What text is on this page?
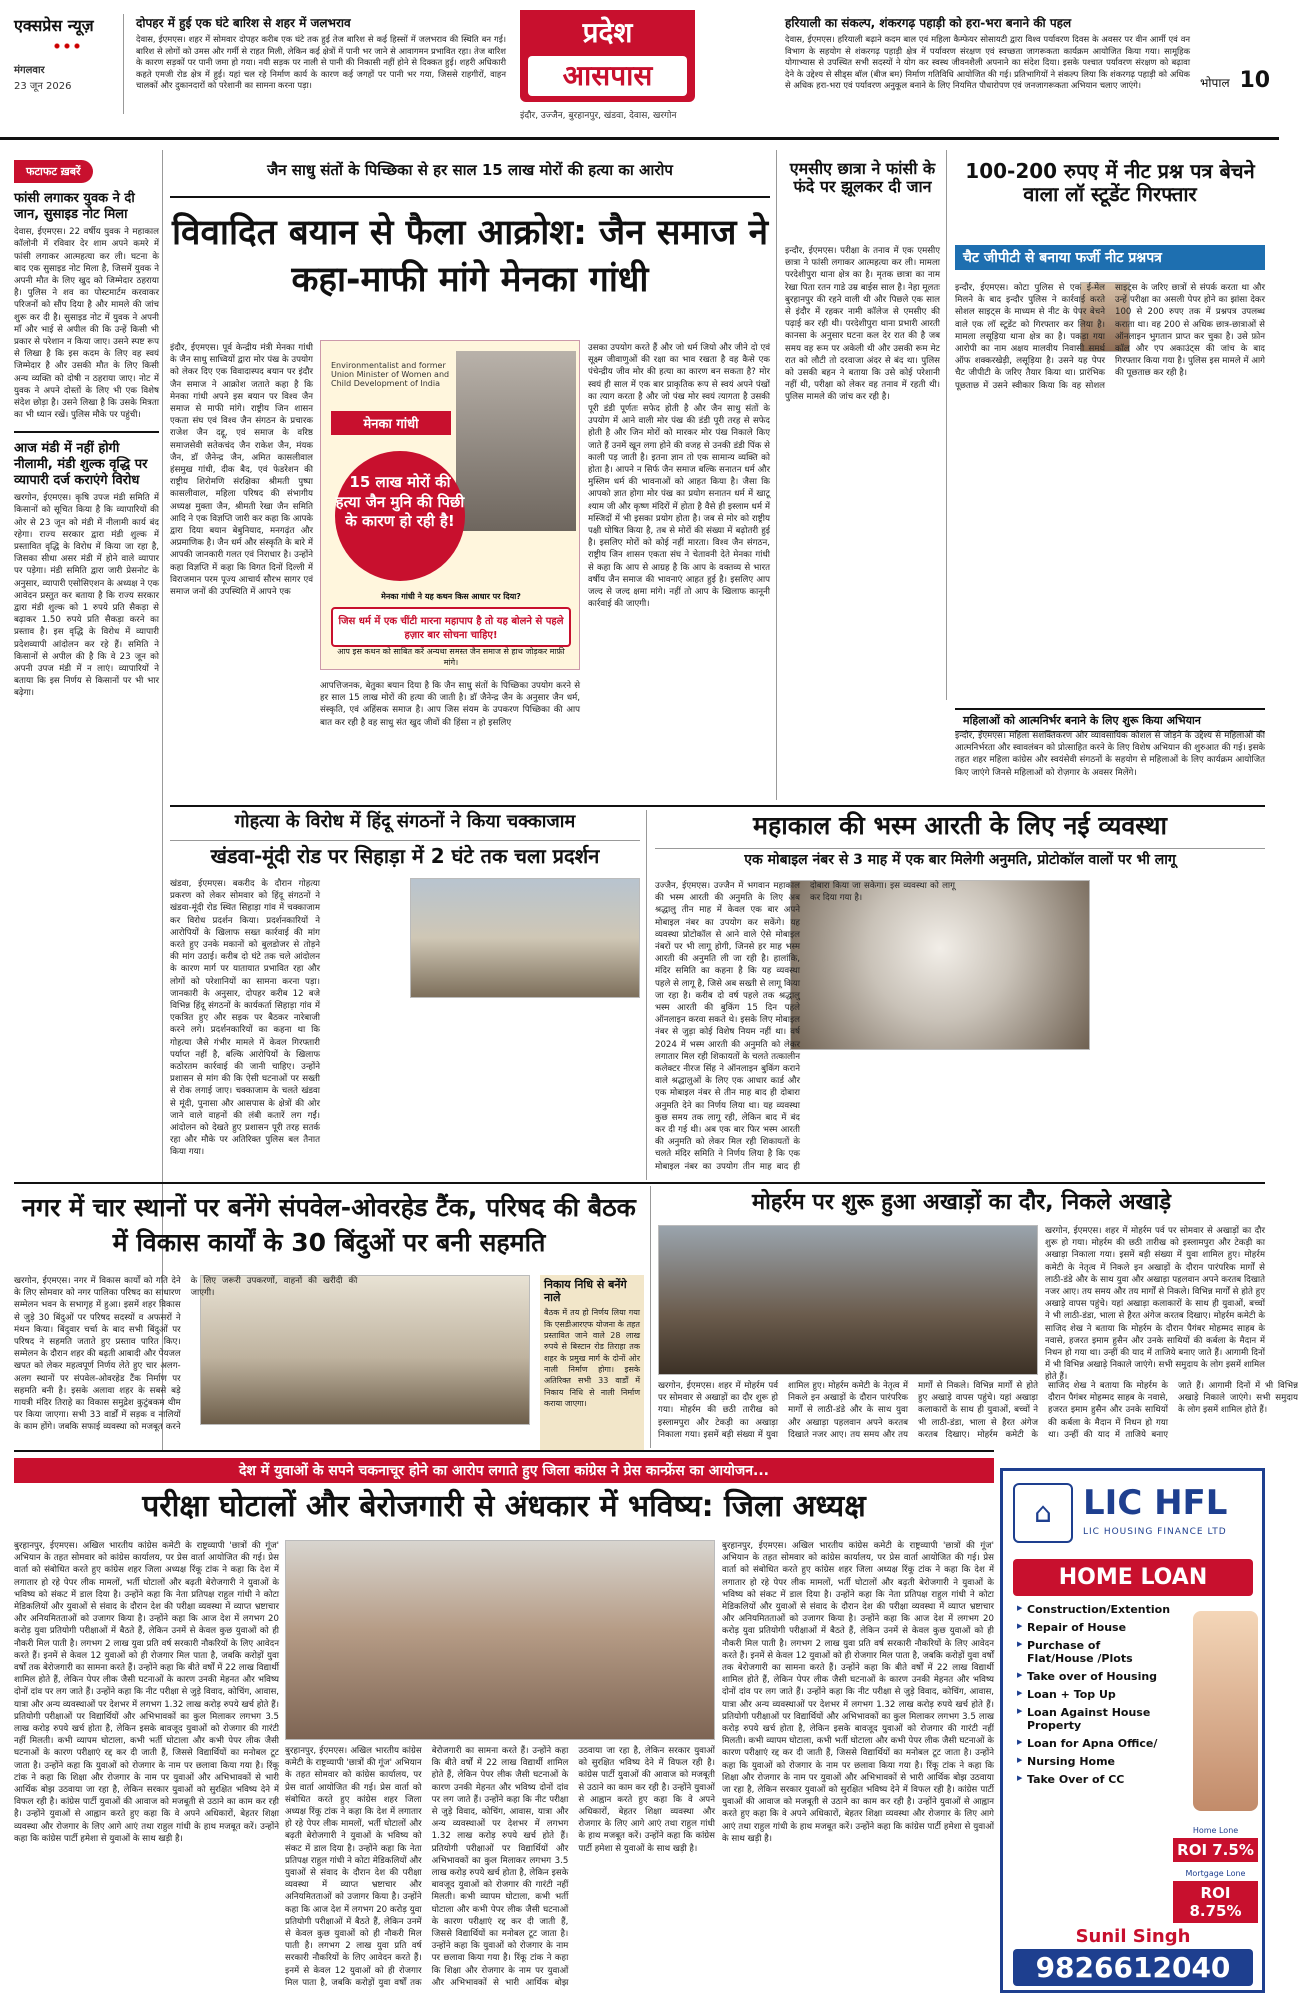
एक्सप्रेस न्यूज़
मंगलवार
23 जून 2026
दोपहर में हुई एक घंटे बारिश से शहर में जलभराव
देवास, ईएमएस। शहर में सोमवार दोपहर करीब एक घंटे तक हुई तेज बारिश से कई हिस्सों में जलभराव की स्थिति बन गई। बारिश से लोगों को उमस और गर्मी से राहत मिली, लेकिन कई क्षेत्रों में पानी भर जाने से आवागमन प्रभावित रहा। तेज बारिश के कारण सड़कों पर पानी जमा हो गया। नयी सड़क पर नाली से पानी की निकासी नहीं होने से दिक्कत हुई। शहरी अधिकारी कहते एमजी रोड क्षेत्र में हुई। यहां चल रहे निर्माण कार्य के कारण कई जगहों पर पानी भर गया, जिससे राहगीरों, वाहन चालकों और दुकानदारों को परेशानी का सामना करना पड़ा।
प्रदेश
आसपास
इंदौर, उज्जैन, बुरहानपुर, खंडवा, देवास, खरगोन
हरियाली का संकल्प, शंकरगढ़ पहाड़ी को हरा-भरा बनाने की पहल
देवास, ईएमएस। हरियाली बढ़ाने कदम बाल एवं महिला कैम्फेयर सोसायटी द्वारा विश्व पर्यावरण दिवस के अवसर पर वीन आर्मी एवं वन विभाग के सहयोग से शंकरगढ़ पहाड़ी क्षेत्र में पर्यावरण संरक्षण एवं स्वच्छता जागरूकता कार्यक्रम आयोजित किया गया। सामूहिक योगाभ्यास से उपस्थित सभी सदस्यों ने योग कर स्वस्थ जीवनशैली अपनाने का संदेश दिया। इसके पश्चात पर्यावरण संरक्षण को बढ़ावा देने के उद्देश्य से सीड्स बॉल (बीज बम) निर्माण गतिविधि आयोजित की गई। प्रतिभागियों ने संकल्प लिया कि शंकरगढ़ पहाड़ी को अधिक से अधिक हरा-भरा एवं पर्यावरण अनुकूल बनाने के लिए नियमित पौधारोपण एवं जनजागरूकता अभियान चलाए जाएंगे।	भोपाल 10
फटाफट ख़बरें
फांसी लगाकर युवक ने दी जान, सुसाइड नोट मिला
देवास, ईएमएस। 22 वर्षीय युवक ने महाकाल कॉलोनी में रविवार देर शाम अपने कमरे में फांसी लगाकर आत्महत्या कर ली। घटना के बाद एक सुसाइड नोट मिला है, जिसमें युवक ने अपनी मौत के लिए खुद को जिम्मेदार ठहराया है। पुलिस ने शव का पोस्टमार्टम करवाकर परिजनों को सौंप दिया है और मामले की जांच शुरू कर दी है। सुसाइड नोट में युवक ने अपनी माँ और भाई से अपील की कि उन्हें किसी भी प्रकार से परेशान न किया जाए। उसने स्पष्ट रूप से लिखा है कि इस कदम के लिए वह स्वयं जिम्मेदार है और उसकी मौत के लिए किसी अन्य व्यक्ति को दोषी न ठहराया जाए। नोट में युवक ने अपने दोस्तों के लिए भी एक विशेष संदेश छोड़ा है। उसने लिखा है कि उसके मित्रता का भी ध्यान रखें। पुलिस मौके पर पहुंची।
आज मंडी में नहीं होगी नीलामी, मंडी शुल्क वृद्धि पर व्यापारी दर्ज कराएंगे विरोध
खरगोन, ईएमएस। कृषि उपज मंडी समिति में किसानों को सूचित किया है कि व्यापारियों की ओर से 23 जून को मंडी में नीलामी कार्य बंद रहेगा। राज्य सरकार द्वारा मंडी शुल्क में प्रस्तावित वृद्धि के विरोध में किया जा रहा है, जिसका सीधा असर मंडी में होने वाले व्यापार पर पड़ेगा। मंडी समिति द्वारा जारी प्रेसनोट के अनुसार, व्यापारी एसोसिएशन के अध्यक्ष ने एक आवेदन प्रस्तुत कर बताया है कि राज्य सरकार द्वारा मंडी शुल्क को 1 रुपये प्रति सैकड़ा से बढ़ाकर 1.50 रुपये प्रति सैकड़ा करने का प्रस्ताव है। इस वृद्धि के विरोध में व्यापारी प्रदेशव्यापी आंदोलन कर रहे हैं। समिति ने किसानों से अपील की है कि वे 23 जून को अपनी उपज मंडी में न लाएं। व्यापारियों ने बताया कि इस निर्णय से किसानों पर भी भार बढ़ेगा।
जैन साधु संतों के पिच्छिका से हर साल 15 लाख मोरों की हत्या का आरोप
विवादित बयान से फैला आक्रोश: जैन समाज ने कहा-माफी मांगे मेनका गांधी
इंदौर, ईएमएस। पूर्व केन्द्रीय मंत्री मेनका गांधी के जैन साधु साध्वियों द्वारा मोर पंख के उपयोग को लेकर दिए एक विवादास्पद बयान पर इंदौर जैन समाज ने आक्रोश जताते कहा है कि मेनका गांधी अपने इस बयान पर विश्व जैन समाज से माफी मांगे। राष्ट्रीय जिन शासन एकता संघ एवं विश्व जैन संगठन के प्रचारक राजेश जैन दद्दू, एवं समाज के वरिष्ठ समाजसेवी सतेकचंद जैन राकेश जैन, मंयक जैन, डॉ जैनेन्द्र जैन, अमित कासलीवाल हंसमुख गांधी, दीक बैद, एवं फेडरेशन की राष्ट्रीय शिरोमणि संरक्षिका श्रीमती पुष्पा कासलीवाल, महिला परिषद की संभागीय अध्यक्ष मुक्ता जैन, श्रीमती रेखा जैन समिति आदि ने एक विज्ञप्ति जारी कर कहा कि आपके द्वारा दिया बयान बेबुनियाद, मनगढ़ंत और अप्रमाणिक है। जैन धर्म और संस्कृति के बारे में आपकी जानकारी गलत एवं निराधार है। उन्होंने कहा विज्ञप्ति में कहा कि विगत दिनों दिल्ली में विराजमान परम पूज्य आचार्य सौरभ सागर एवं समाज जनों की उपस्थिति में आपने एक
आपत्तिजनक, बेतुका बयान दिया है कि जैन साधु संतों के पिच्छिका उपयोग करने से हर साल 15 लाख मोरों की हत्या की जाती है। डॉ जैनेन्द्र जैन के अनुसार जैन धर्म, संस्कृति, एवं अहिंसक समाज है। आप जिस संयम के उपकरण पिच्छिका की आप बात कर रही है वह साधु संत खुद जीवों की हिंसा न हो इसलिए
उसका उपयोग करते हैं और जो धर्म जियो और जीने दो एवं सूक्ष्म जीवाणुओं की रक्षा का भाव रखता है वह कैसे एक पंचेन्द्रीय जीव मोर की हत्या का कारण बन सकता है? मोर स्वयं ही साल में एक बार प्राकृतिक रूप से स्वयं अपने पंखों का त्याग करता है और जो पंख मोर स्वयं त्यागता है उसकी पूरी डंडी पूर्णतः सफेद होती है और जैन साधु संतों के उपयोग में आने वाली मोर पंख की डंडी पूरी तरह से सफेद होती है और जिन मोरों को मारकर मोर पंख निकाले किए जाते हैं उनमें खून लगा होने की वजह से उनकी डंडी पिंक से काली पड़ जाती है। इतना ज्ञान तो एक सामान्य व्यक्ति को होता है। आपने न सिर्फ जैन समाज बल्कि सनातन धर्म और मुस्लिम धर्म की भावनाओं को आहत किया है। जैसा कि आपको ज्ञात होगा मोर पंख का प्रयोग सनातन धर्म में खाटू श्याम जी और कृष्ण मंदिरों में होता है वैसे ही इस्लाम धर्म में मस्जिदों में भी इसका प्रयोग होता है। जब से मोर को राष्ट्रीय पक्षी घोषित किया है, तब से मोरों की संख्या में बढ़ोतरी हुई है। इसलिए मोरों को कोई नहीं मारता। विश्व जैन संगठन, राष्ट्रीय जिन शासन एकता संघ ने चेतावनी देते मेनका गांधी से कहा कि आप से आग्रह है कि आप के वक्तव्य से भारत वर्षीय जैन समाज की भावनाएं आहत हुई है। इसलिए आप जल्द से जल्द क्षमा मांगे। नहीं तो आप के खिलाफ कानूनी कार्रवाई की जाएगी।
Environmentalist and former Union Minister of Women and Child Development of India
मेनका गांधी
15 लाख मोरों की हत्या जैन मुनि की पिछी के कारण हो रही है!
मेनका गांधी ने यह कथन किस आधार पर दिया?
जिस धर्म में एक चींटी मारना महापाप है तो यह बोलने से पहले हज़ार बार सोचना चाहिए!
आप इस कथन को साबित करें अन्यथा समस्त जैन समाज से हाथ जोड़कर माफ़ी मांगे।
एमसीए छात्रा ने फांसी के फंदे पर झूलकर दी जान
इन्दौर, ईएमएस। परीक्षा के तनाव में एक एमसीए छात्रा ने फांसी लगाकर आत्महत्या कर ली। मामला परदेशीपुरा थाना क्षेत्र का है। मृतक छात्रा का नाम रेखा पिता रतन गाडे उम्र बाईस साल है। नेहा मूलतः बुरहानपुर की रहने वाली थी और पिछले एक साल से इंदौर में रहकर नामी कॉलेज से एमसीए की पढ़ाई कर रही थी। परदेशीपुरा थाना प्रभारी आरती कानसा के अनुसार घटना कल देर रात की है जब समय वह रूम पर अकेली थी और उसकी रूम मेट रात को लौटी तो दरवाजा अंदर से बंद था। पुलिस को उसकी बहन ने बताया कि उसे कोई परेशानी नहीं थी, परीक्षा को लेकर वह तनाव में रहती थी। पुलिस मामले की जांच कर रही है।
100-200 रुपए में नीट प्रश्न पत्र बेचने वाला लॉ स्टूडेंट गिरफ्तार
चैट जीपीटी से बनाया फर्जी नीट प्रश्नपत्र
इन्दौर, ईएमएस। कोटा पुलिस से एक ई-मेल मिलने के बाद इन्दौर पुलिस ने कार्रवाई करते सोशल साइट्स के माध्यम से नीट के पेपर बेचने वाले एक लॉ स्टूडेंट को गिरफ्तार कर लिया है। मामला लसूड़िया थाना क्षेत्र का है। पकड़ा गया आरोपी का नाम अक्षय मालवीय निवासी समर्थ ऑफ शक्करखेड़ी, लसूड़िया है। उसने यह पेपर चैट जीपीटी के जरिए तैयार किया था। प्रारंभिक पूछताछ में उसने स्वीकार किया कि वह सोशल साइट्स के जरिए छात्रों से संपर्क करता था और उन्हें परीक्षा का असली पेपर होने का झांसा देकर 100 से 200 रुपए तक में प्रश्नपत्र उपलब्ध कराता था। वह 200 से अधिक छात्र-छात्राओं से ऑनलाइन भुगतान प्राप्त कर चुका है। उसे फ़ोन कॉल और एप अकाउंट्स की जांच के बाद गिरफ्तार किया गया है। पुलिस इस मामले में आगे की पूछताछ कर रही है।
महिलाओं को आत्मनिर्भर बनाने के लिए शुरू किया अभियान
इन्दौर, ईएमएस। महिला सशक्तिकरण और व्यावसायिक कौशल से जोड़ने के उद्देश्य से महिलाओं की आत्मनिर्भरता और स्वावलंबन को प्रोत्साहित करने के लिए विशेष अभियान की शुरुआत की गई। इसके तहत शहर महिला कांग्रेस और स्वयंसेवी संगठनों के सहयोग से महिलाओं के लिए कार्यक्रम आयोजित किए जाएंगे जिनसे महिलाओं को रोज़गार के अवसर मिलेंगे।
गोहत्या के विरोध में हिंदू संगठनों ने किया चक्काजाम
खंडवा-मूंदी रोड पर सिहाड़ा में 2 घंटे तक चला प्रदर्शन
खंडवा, ईएमएस। बकरीद के दौरान गोहत्या प्रकरण को लेकर सोमवार को हिंदू संगठनों ने खंडवा-मूंदी रोड स्थित सिहाड़ा गांव में चक्काजाम कर विरोध प्रदर्शन किया। प्रदर्शनकारियों ने आरोपियों के खिलाफ सख्त कार्रवाई की मांग करते हुए उनके मकानों को बुलडोजर से तोड़ने की मांग उठाई। करीब दो घंटे तक चले आंदोलन के कारण मार्ग पर यातायात प्रभावित रहा और लोगों को परेशानियों का सामना करना पड़ा। जानकारी के अनुसार, दोपहर करीब 12 बजे विभिन्न हिंदू संगठनों के कार्यकर्ता सिहाड़ा गांव में एकत्रित हुए और सड़क पर बैठकर नारेबाजी करने लगे। प्रदर्शनकारियों का कहना था कि गोहत्या जैसे गंभीर मामले में केवल गिरफ्तारी पर्याप्त नहीं है, बल्कि आरोपियों के खिलाफ कठोरतम कार्रवाई की जानी चाहिए। उन्होंने प्रशासन से मांग की कि ऐसी घटनाओं पर सख्ती से रोक लगाई जाए। चक्काजाम के चलते खंडवा से मूंदी, पुनासा और आसपास के क्षेत्रों की ओर जाने वाले वाहनों की लंबी कतारें लग गईं। आंदोलन को देखते हुए प्रशासन पूरी तरह सतर्क रहा और मौके पर अतिरिक्त पुलिस बल तैनात किया गया।
महाकाल की भस्म आरती के लिए नई व्यवस्था
एक मोबाइल नंबर से 3 माह में एक बार मिलेगी अनुमति, प्रोटोकॉल वालों पर भी लागू
उज्जैन, ईएमएस। उज्जैन में भगवान महाकाल की भस्म आरती की अनुमति के लिए अब श्रद्धालु तीन माह में केवल एक बार अपने मोबाइल नंबर का उपयोग कर सकेंगे। यह व्यवस्था प्रोटोकॉल से आने वाले ऐसे मोबाइल नंबरों पर भी लागू होगी, जिनसे हर माह भस्म आरती की अनुमति ली जा रही है। हालांकि, मंदिर समिति का कहना है कि यह व्यवस्था पहले से लागू है, जिसे अब सख्ती से लागू किया जा रहा है। करीब दो वर्ष पहले तक श्रद्धालु भस्म आरती की बुकिंग 15 दिन पहले ऑनलाइन करवा सकते थे। इसके लिए मोबाइल नंबर से जुड़ा कोई विशेष नियम नहीं था। वर्ष 2024 में भस्म आरती की अनुमति को लेकर लगातार मिल रही शिकायतों के चलते तत्कालीन कलेक्टर नीरज सिंह ने ऑनलाइन बुकिंग कराने वाले श्रद्धालुओं के लिए एक आधार कार्ड और एक मोबाइल नंबर से तीन माह बाद ही दोबारा अनुमति देने का निर्णय लिया था। यह व्यवस्था कुछ समय तक लागू रही, लेकिन बाद में बंद कर दी गई थी। अब एक बार फिर भस्म आरती की अनुमति को लेकर मिल रही शिकायतों के चलते मंदिर समिति ने निर्णय लिया है कि एक मोबाइल नंबर का उपयोग तीन माह बाद ही दोबारा किया जा सकेगा। इस व्यवस्था को लागू कर दिया गया है।
नगर में चार स्थानों पर बनेंगे संपवेल-ओवरहेड टैंक, परिषद की बैठक में विकास कार्यों के 30 बिंदुओं पर बनी सहमति
खरगोन, ईएमएस। नगर में विकास कार्यों को गति देने के लिए सोमवार को नगर पालिका परिषद का साधारण सम्मेलन भवन के सभागृह में हुआ। इसमें शहर विकास से जुड़े 30 बिंदुओं पर परिषद सदस्यों व अफसरों ने मंथन किया। बिंदुवार चर्चा के बाद सभी बिंदुओं पर परिषद ने सहमति जताते हुए प्रस्ताव पारित किए। सम्मेलन के दौरान शहर की बढ़ती आबादी और पेयजल खपत को लेकर महत्वपूर्ण निर्णय लेते हुए चार अलग-अलग स्थानों पर संपवेल-ओवरहेड टैंक निर्माण पर सहमति बनी है। इसके अलावा शहर के सबसे बड़े गायत्री मंदिर तिराहे का विकास समुद्रेश कुटुंबकम थीम पर किया जाएगा। सभी 33 वार्डों में सड़क व नालियों के काम होंगे। जबकि सफाई व्यवस्था को मजबूत करने के लिए जरूरी उपकरणों, वाहनों की खरीदी की जाएगी।
निकाय निधि से बनेंगे नाले
बैठक में तय हो निर्णय लिया गया कि एसडीआरएफ योजना के तहत प्रस्तावित जाने वाले 28 लाख रुपये से बिस्टान रोड तिराहा तक शहर के प्रमुख मार्ग के दोनों ओर नाली निर्माण होगा। इसके अतिरिक्त सभी 33 वार्डों में निकाय निधि से नाली निर्माण कराया जाएगा।
मोहर्रम पर शुरू हुआ अखाड़ों का दौर, निकले अखाड़े
खरगोन, ईएमएस। शहर में मोहर्रम पर्व पर सोमवार से अखाड़ों का दौर शुरू हो गया। मोहर्रम की छठी तारीख को इस्लामपुरा और टेकड़ी का अखाड़ा निकाला गया। इसमें बड़ी संख्या में युवा शामिल हुए। मोहर्रम कमेटी के नेतृत्व में निकले इन अखाड़ों के दौरान पारंपरिक मार्गों से लाठी-डंडे और के साथ युवा और अखाड़ा पहलवान अपने करतब दिखाते नजर आए। तय समय और तय मार्गों से निकले। विभिन्न मार्गों से होते हुए अखाड़े वापस पहुंचे। यहां अखाड़ा कलाकारों के साथ ही युवाओं, बच्चों ने भी लाठी-डंडा, भाला से हैरत अंगेज करतब दिखाए। मोहर्रम कमेटी के साजिद शेख ने बताया कि मोहर्रम के दौरान पैगंबर मोहम्मद साहब के नवासे, हजरत इमाम हुसैन और उनके साथियों की कर्बला के मैदान में निधन हो गया था। उन्हीं की याद में ताजिये बनाए जाते हैं। आगामी दिनों में भी विभिन्न अखाड़े निकाले जाएंगे। सभी समुदाय के लोग इसमें शामिल होते हैं।
खरगोन, ईएमएस। शहर में मोहर्रम पर्व पर सोमवार से अखाड़ों का दौर शुरू हो गया। मोहर्रम की छठी तारीख को इस्लामपुरा और टेकड़ी का अखाड़ा निकाला गया। इसमें बड़ी संख्या में युवा शामिल हुए। मोहर्रम कमेटी के नेतृत्व में निकले इन अखाड़ों के दौरान पारंपरिक मार्गों से लाठी-डंडे और के साथ युवा और अखाड़ा पहलवान अपने करतब दिखाते नजर आए। तय समय और तय मार्गों से निकले। विभिन्न मार्गों से होते हुए अखाड़े वापस पहुंचे। यहां अखाड़ा कलाकारों के साथ ही युवाओं, बच्चों ने भी लाठी-डंडा, भाला से हैरत अंगेज करतब दिखाए। मोहर्रम कमेटी के साजिद शेख ने बताया कि मोहर्रम के दौरान पैगंबर मोहम्मद साहब के नवासे, हजरत इमाम हुसैन और उनके साथियों की कर्बला के मैदान में निधन हो गया था। उन्हीं की याद में ताजिये बनाए जाते हैं। आगामी दिनों में भी विभिन्न अखाड़े निकाले जाएंगे। सभी समुदाय के लोग इसमें शामिल होते हैं।
देश में युवाओं के सपने चकनाचूर होने का आरोप लगाते हुए जिला कांग्रेस ने प्रेस कान्फ्रेंस का आयोजन...
परीक्षा घोटालों और बेरोजगारी से अंधकार में भविष्य: जिला अध्यक्ष
बुरहानपुर, ईएमएस। अखिल भारतीय कांग्रेस कमेटी के राष्ट्रव्यापी 'छात्रों की गूंज' अभियान के तहत सोमवार को कांग्रेस कार्यालय, पर प्रेस वार्ता आयोजित की गई। प्रेस वार्ता को संबोधित करते हुए कांग्रेस शहर जिला अध्यक्ष रिंकू टांक ने कहा कि देश में लगातार हो रहे पेपर लीक मामलों, भर्ती घोटालों और बढ़ती बेरोजगारी ने युवाओं के भविष्य को संकट में डाल दिया है। उन्होंने कहा कि नेता प्रतिपक्ष राहुल गांधी ने कोटा मेडिकलियों और युवाओं से संवाद के दौरान देश की परीक्षा व्यवस्था में व्याप्त भ्रष्टाचार और अनियमितताओं को उजागर किया है। उन्होंने कहा कि आज देश में लगभग 20 करोड़ युवा प्रतियोगी परीक्षाओं में बैठते हैं, लेकिन उनमें से केवल कुछ युवाओं को ही नौकरी मिल पाती है। लगभग 2 लाख युवा प्रति वर्ष सरकारी नौकरियों के लिए आवेदन करते हैं। इनमें से केवल 12 युवाओं को ही रोजगार मिल पाता है, जबकि करोड़ों युवा वर्षों तक बेरोजगारी का सामना करते हैं। उन्होंने कहा कि बीते वर्षों में 22 लाख विद्यार्थी शामिल होते हैं, लेकिन पेपर लीक जैसी घटनाओं के कारण उनकी मेहनत और भविष्य दोनों दांव पर लग जाते हैं। उन्होंने कहा कि नीट परीक्षा से जुड़े विवाद, कोचिंग, आवास, यात्रा और अन्य व्यवस्थाओं पर देशभर में लगभग 1.32 लाख करोड़ रुपये खर्च होते हैं। प्रतियोगी परीक्षाओं पर विद्यार्थियों और अभिभावकों का कुल मिलाकर लगभग 3.5 लाख करोड़ रुपये खर्च होता है, लेकिन इसके बावजूद युवाओं को रोजगार की गारंटी नहीं मिलती। कभी व्यापम घोटाला, कभी भर्ती घोटाला और कभी पेपर लीक जैसी घटनाओं के कारण परीक्षाएं रद्द कर दी जाती हैं, जिससे विद्यार्थियों का मनोबल टूट जाता है। उन्होंने कहा कि युवाओं को रोजगार के नाम पर छलावा किया गया है। रिंकू टांक ने कहा कि शिक्षा और रोजगार के नाम पर युवाओं और अभिभावकों से भारी आर्थिक बोझ उठवाया जा रहा है, लेकिन सरकार युवाओं को सुरक्षित भविष्य देने में विफल रही है। कांग्रेस पार्टी युवाओं की आवाज को मजबूती से उठाने का काम कर रही है। उन्होंने युवाओं से आह्वान करते हुए कहा कि वे अपने अधिकारों, बेहतर शिक्षा व्यवस्था और रोजगार के लिए आगे आएं तथा राहुल गांधी के हाथ मजबूत करें। उन्होंने कहा कि कांग्रेस पार्टी हमेशा से युवाओं के साथ खड़ी है।
बुरहानपुर, ईएमएस। अखिल भारतीय कांग्रेस कमेटी के राष्ट्रव्यापी 'छात्रों की गूंज' अभियान के तहत सोमवार को कांग्रेस कार्यालय, पर प्रेस वार्ता आयोजित की गई। प्रेस वार्ता को संबोधित करते हुए कांग्रेस शहर जिला अध्यक्ष रिंकू टांक ने कहा कि देश में लगातार हो रहे पेपर लीक मामलों, भर्ती घोटालों और बढ़ती बेरोजगारी ने युवाओं के भविष्य को संकट में डाल दिया है। उन्होंने कहा कि नेता प्रतिपक्ष राहुल गांधी ने कोटा मेडिकलियों और युवाओं से संवाद के दौरान देश की परीक्षा व्यवस्था में व्याप्त भ्रष्टाचार और अनियमितताओं को उजागर किया है। उन्होंने कहा कि आज देश में लगभग 20 करोड़ युवा प्रतियोगी परीक्षाओं में बैठते हैं, लेकिन उनमें से केवल कुछ युवाओं को ही नौकरी मिल पाती है। लगभग 2 लाख युवा प्रति वर्ष सरकारी नौकरियों के लिए आवेदन करते हैं। इनमें से केवल 12 युवाओं को ही रोजगार मिल पाता है, जबकि करोड़ों युवा वर्षों तक बेरोजगारी का सामना करते हैं। उन्होंने कहा कि बीते वर्षों में 22 लाख विद्यार्थी शामिल होते हैं, लेकिन पेपर लीक जैसी घटनाओं के कारण उनकी मेहनत और भविष्य दोनों दांव पर लग जाते हैं। उन्होंने कहा कि नीट परीक्षा से जुड़े विवाद, कोचिंग, आवास, यात्रा और अन्य व्यवस्थाओं पर देशभर में लगभग 1.32 लाख करोड़ रुपये खर्च होते हैं। प्रतियोगी परीक्षाओं पर विद्यार्थियों और अभिभावकों का कुल मिलाकर लगभग 3.5 लाख करोड़ रुपये खर्च होता है, लेकिन इसके बावजूद युवाओं को रोजगार की गारंटी नहीं मिलती। कभी व्यापम घोटाला, कभी भर्ती घोटाला और कभी पेपर लीक जैसी घटनाओं के कारण परीक्षाएं रद्द कर दी जाती हैं, जिससे विद्यार्थियों का मनोबल टूट जाता है। उन्होंने कहा कि युवाओं को रोजगार के नाम पर छलावा किया गया है। रिंकू टांक ने कहा कि शिक्षा और रोजगार के नाम पर युवाओं और अभिभावकों से भारी आर्थिक बोझ उठवाया जा रहा है, लेकिन सरकार युवाओं को सुरक्षित भविष्य देने में विफल रही है। कांग्रेस पार्टी युवाओं की आवाज को मजबूती से उठाने का काम कर रही है। उन्होंने युवाओं से आह्वान करते हुए कहा कि वे अपने अधिकारों, बेहतर शिक्षा व्यवस्था और रोजगार के लिए आगे आएं तथा राहुल गांधी के हाथ मजबूत करें। उन्होंने कहा कि कांग्रेस पार्टी हमेशा से युवाओं के साथ खड़ी है।
बुरहानपुर, ईएमएस। अखिल भारतीय कांग्रेस कमेटी के राष्ट्रव्यापी 'छात्रों की गूंज' अभियान के तहत सोमवार को कांग्रेस कार्यालय, पर प्रेस वार्ता आयोजित की गई। प्रेस वार्ता को संबोधित करते हुए कांग्रेस शहर जिला अध्यक्ष रिंकू टांक ने कहा कि देश में लगातार हो रहे पेपर लीक मामलों, भर्ती घोटालों और बढ़ती बेरोजगारी ने युवाओं के भविष्य को संकट में डाल दिया है। उन्होंने कहा कि नेता प्रतिपक्ष राहुल गांधी ने कोटा मेडिकलियों और युवाओं से संवाद के दौरान देश की परीक्षा व्यवस्था में व्याप्त भ्रष्टाचार और अनियमितताओं को उजागर किया है। उन्होंने कहा कि आज देश में लगभग 20 करोड़ युवा प्रतियोगी परीक्षाओं में बैठते हैं, लेकिन उनमें से केवल कुछ युवाओं को ही नौकरी मिल पाती है। लगभग 2 लाख युवा प्रति वर्ष सरकारी नौकरियों के लिए आवेदन करते हैं। इनमें से केवल 12 युवाओं को ही रोजगार मिल पाता है, जबकि करोड़ों युवा वर्षों तक बेरोजगारी का सामना करते हैं। उन्होंने कहा कि बीते वर्षों में 22 लाख विद्यार्थी शामिल होते हैं, लेकिन पेपर लीक जैसी घटनाओं के कारण उनकी मेहनत और भविष्य दोनों दांव पर लग जाते हैं। उन्होंने कहा कि नीट परीक्षा से जुड़े विवाद, कोचिंग, आवास, यात्रा और अन्य व्यवस्थाओं पर देशभर में लगभग 1.32 लाख करोड़ रुपये खर्च होते हैं। प्रतियोगी परीक्षाओं पर विद्यार्थियों और अभिभावकों का कुल मिलाकर लगभग 3.5 लाख करोड़ रुपये खर्च होता है, लेकिन इसके बावजूद युवाओं को रोजगार की गारंटी नहीं मिलती। कभी व्यापम घोटाला, कभी भर्ती घोटाला और कभी पेपर लीक जैसी घटनाओं के कारण परीक्षाएं रद्द कर दी जाती हैं, जिससे विद्यार्थियों का मनोबल टूट जाता है। उन्होंने कहा कि युवाओं को रोजगार के नाम पर छलावा किया गया है। रिंकू टांक ने कहा कि शिक्षा और रोजगार के नाम पर युवाओं और अभिभावकों से भारी आर्थिक बोझ उठवाया जा रहा है, लेकिन सरकार युवाओं को सुरक्षित भविष्य देने में विफल रही है। कांग्रेस पार्टी युवाओं की आवाज को मजबूती से उठाने का काम कर रही है। उन्होंने युवाओं से आह्वान करते हुए कहा कि वे अपने अधिकारों, बेहतर शिक्षा व्यवस्था और रोजगार के लिए आगे आएं तथा राहुल गांधी के हाथ मजबूत करें। उन्होंने कहा कि कांग्रेस पार्टी हमेशा से युवाओं के साथ खड़ी है।
⌂ LIC HFL
LIC HOUSING FINANCE LTD
HOME LOAN
▶ Construction/Extention
▶ Repair of House
▶ Purchase of Flat/House /Plots
▶ Take over of Housing
▶ Loan + Top Up
▶ Loan Against House Property
▶ Loan for Apna Office/
▶ Nursing Home
▶ Take Over of CC
Home Lone
ROI 7.5%
Mortgage Lone
ROI 8.75%
Sunil Singh
9826612040
